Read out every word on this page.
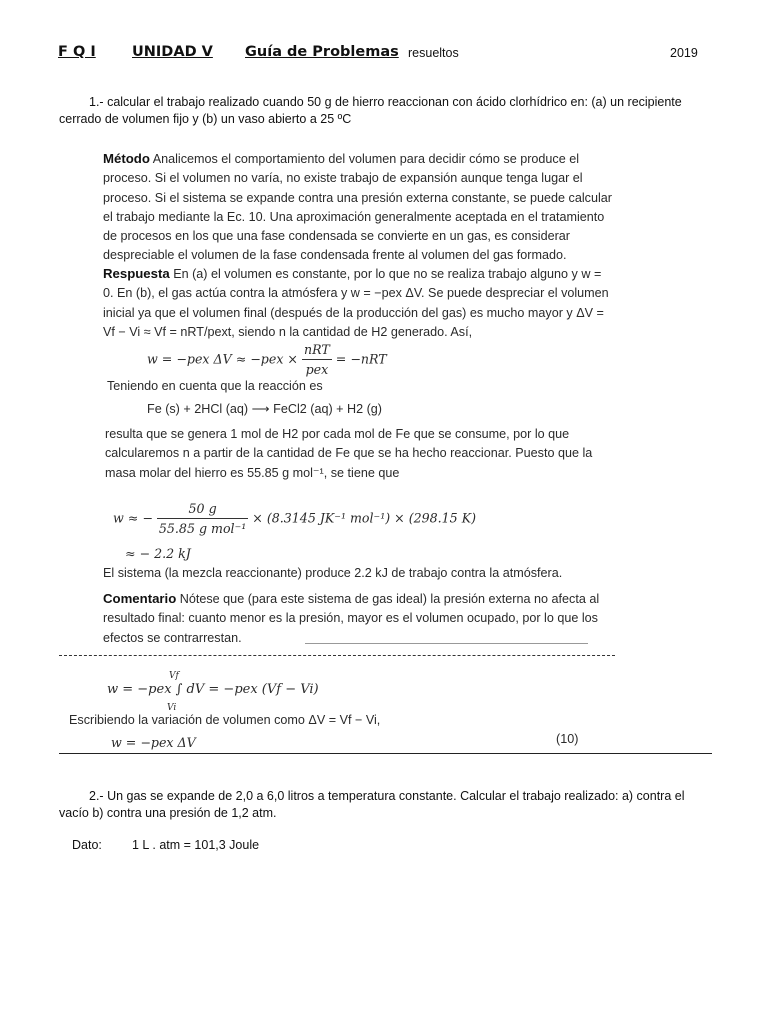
F Q I	UNIDAD V Guía de Problemas resueltos	2019
1.- calcular el trabajo realizado cuando 50 g de hierro reaccionan con ácido clorhídrico en: (a) un recipiente cerrado de volumen fijo y (b) un vaso abierto a 25 ºC

Método Analicemos el comportamiento del volumen para decidir cómo se produce el proceso. Si el volumen no varía, no existe trabajo de expansión aunque tenga lugar el proceso. Si el sistema se expande contra una presión externa constante, se puede calcular el trabajo mediante la Ec. 10. Una aproximación generalmente aceptada en el tratamiento de procesos en los que una fase condensada se convierte en un gas, es considerar despreciable el volumen de la fase condensada frente al volumen del gas formado.

Respuesta En (a) el volumen es constante, por lo que no se realiza trabajo alguno y w = 0. En (b), el gas actúa contra la atmósfera y w = −pex ΔV. Se puede despreciar el volumen inicial ya que el volumen final (después de la producción del gas) es mucho mayor y ΔV = Vf − Vi ≈ Vf = nRT/pext, siendo n la cantidad de H2 generado. Así,

w = −pex $\Delta V \approx -pex \times \frac{\text{nRT}}{\text{pex}} = -nRT$
Teniendo en cuenta que la reacción es
Fe (s) + 2HCl (aq) ⟶ FeCl2 (aq) + H2 (g)
resulta que se genera 1 mol de H2 por cada mol de Fe que se consume, por lo que calcularemos n a partir de la cantidad de Fe que se ha hecho reaccionar. Puesto que la masa molar del hierro es 55.85 g mol⁻¹, se tiene que
w ≈ − $\frac{50 g}{\text{55.85 g mol⁻¹}} \times (8.3145$ JK⁻¹ mol⁻¹) × (298.15 K)
≈ − 2.2 kJ
El sistema (la mezcla reaccionante) produce 2.2 kJ de trabajo contra la atmósfera.

Comentario Nótese que (para este sistema de gas ideal) la presión externa no afecta al resultado final: cuanto menor es la presión, mayor es el volumen ocupado, por lo que los efectos se contrarrestan.

Vf
Vi
w = −pex ∫ dV = −pex (Vf − Vi)
Escribiendo la variación de volumen como ΔV = Vf − Vi,
w = −pex ΔV	(10)
2.- Un gas se expande de 2,0 a 6,0 litros a temperatura constante. Calcular el trabajo realizado: a) contra el vacío b) contra una presión de 1,2 atm.
Dato: 1 L . atm = 101,3 Joule
